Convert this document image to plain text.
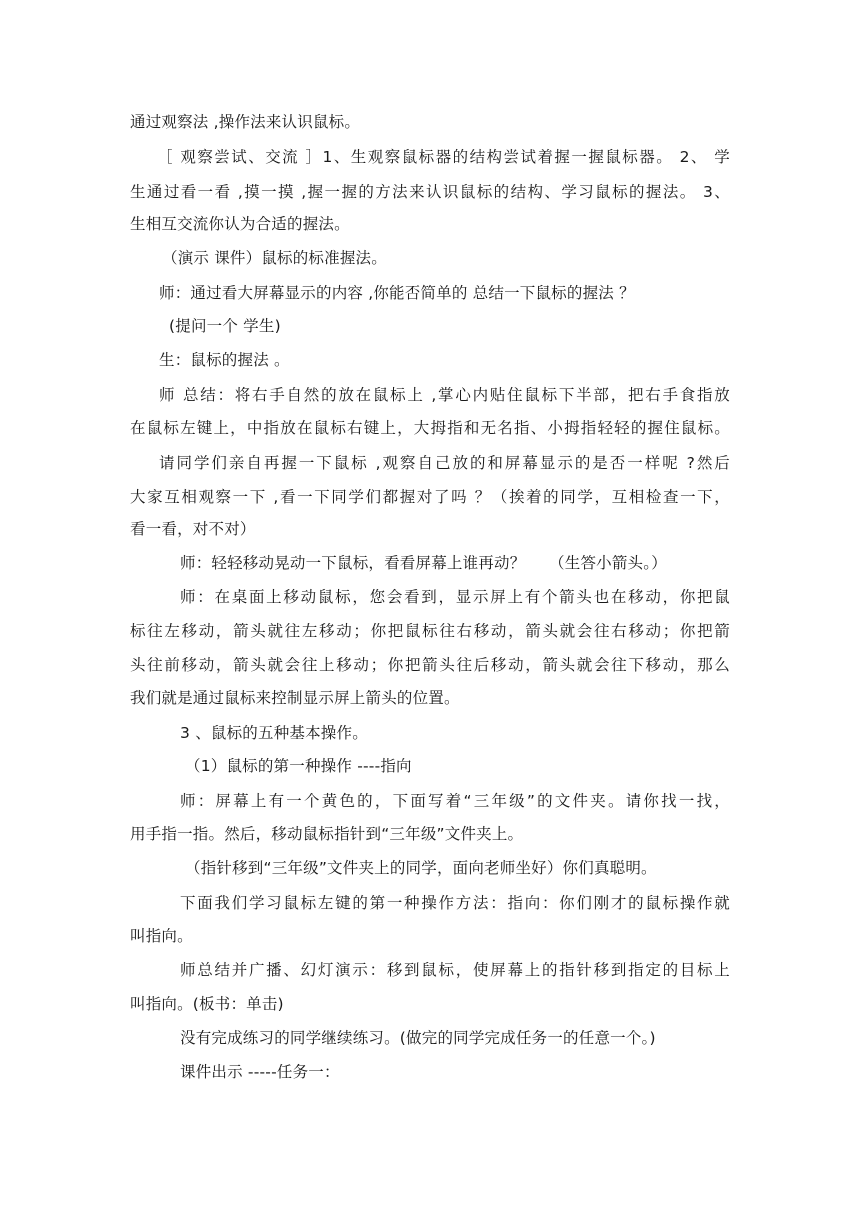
通过观察法 ,操作法来认识鼠标。
［ 观察尝试、交流 ］1、生观察鼠标器的结构尝试着握一握鼠标器。 2、 学
生通过看一看 ,摸一摸 ,握一握的方法来认识鼠标的结构、学习鼠标的握法。 3、
生相互交流你认为合适的握法。
（演示 课件）鼠标的标准握法。
师：通过看大屏幕显示的内容 ,你能否简单的 总结一下鼠标的握法 ？
(提问一个 学生)
生：鼠标的握法 。
师 总结：将右手自然的放在鼠标上 ,掌心内贴住鼠标下半部，把右手食指放
在鼠标左键上，中指放在鼠标右键上，大拇指和无名指、小拇指轻轻的握住鼠标。
请同学们亲自再握一下鼠标 ,观察自己放的和屏幕显示的是否一样呢 ?然后
大家互相观察一下 ,看一下同学们都握对了吗 ？（挨着的同学，互相检查一下，
看一看，对不对）
师：轻轻移动晃动一下鼠标，看看屏幕上谁再动？　　（生答小箭头。）
师：在桌面上移动鼠标，您会看到，显示屏上有个箭头也在移动，你把鼠
标往左移动，箭头就往左移动；你把鼠标往右移动，箭头就会往右移动；你把箭
头往前移动，箭头就会往上移动；你把箭头往后移动，箭头就会往下移动，那么
我们就是通过鼠标来控制显示屏上箭头的位置。
3 、鼠标的五种基本操作。
（1）鼠标的第一种操作 ----指向
师：屏幕上有一个黄色的，下面写着“三年级”的文件夹。请你找一找，
用手指一指。然后，移动鼠标指针到“三年级”文件夹上。
（指针移到“三年级”文件夹上的同学，面向老师坐好）你们真聪明。
下面我们学习鼠标左键的第一种操作方法：指向：你们刚才的鼠标操作就
叫指向。
师总结并广播、幻灯演示：移到鼠标，使屏幕上的指针移到指定的目标上
叫指向。(板书：单击)
没有完成练习的同学继续练习。(做完的同学完成任务一的任意一个。)
课件出示 -----任务一：
